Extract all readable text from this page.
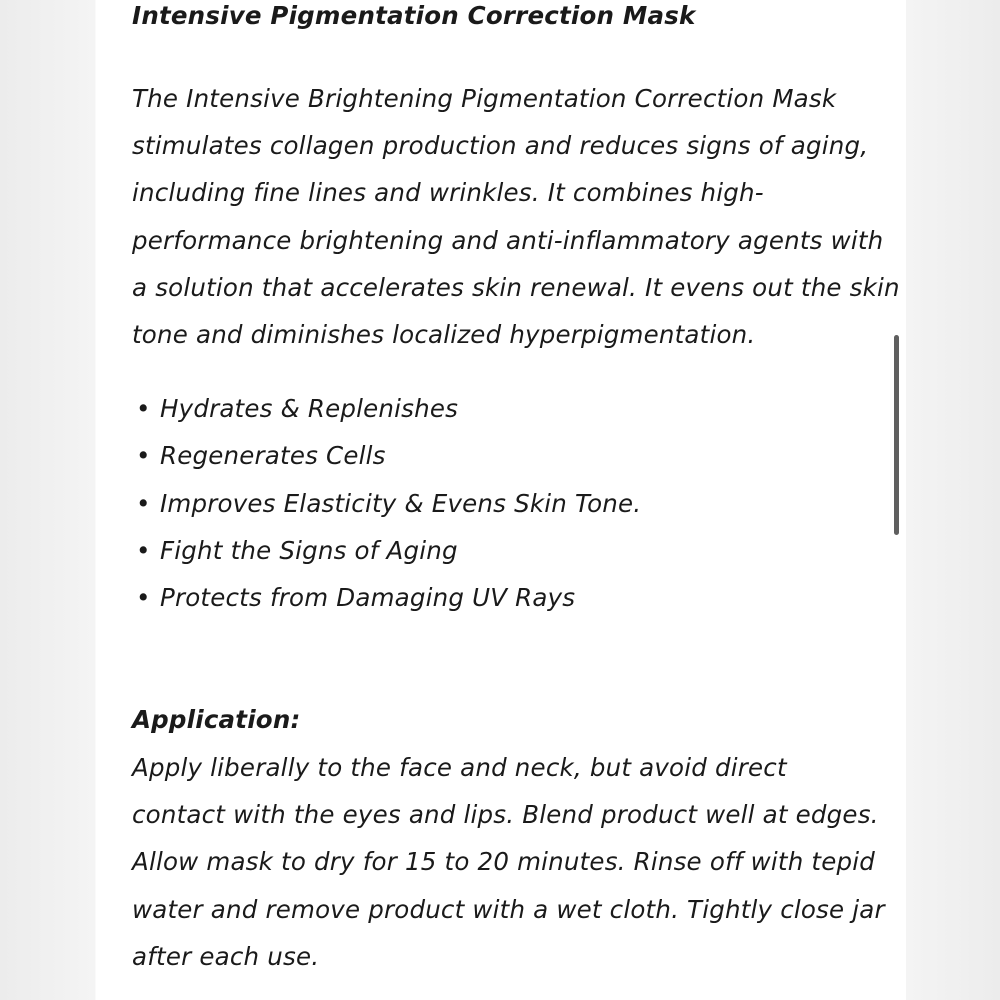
Intensive Pigmentation Correction Mask

The Intensive Brightening Pigmentation Correction Mask
stimulates collagen production and reduces signs of aging,
including fine lines and wrinkles. It combines high-
performance brightening and anti-inflammatory agents with
a solution that accelerates skin renewal. It evens out the skin
tone and diminishes localized hyperpigmentation.

• Hydrates & Replenishes
• Regenerates Cells
• Improves Elasticity & Evens Skin Tone.
• Fight the Signs of Aging
• Protects from Damaging UV Rays
Application:

Apply liberally to the face and neck, but avoid direct
contact with the eyes and lips. Blend product well at edges.
Allow mask to dry for 15 to 20 minutes. Rinse off with tepid
water and remove product with a wet cloth. Tightly close jar
after each use.
